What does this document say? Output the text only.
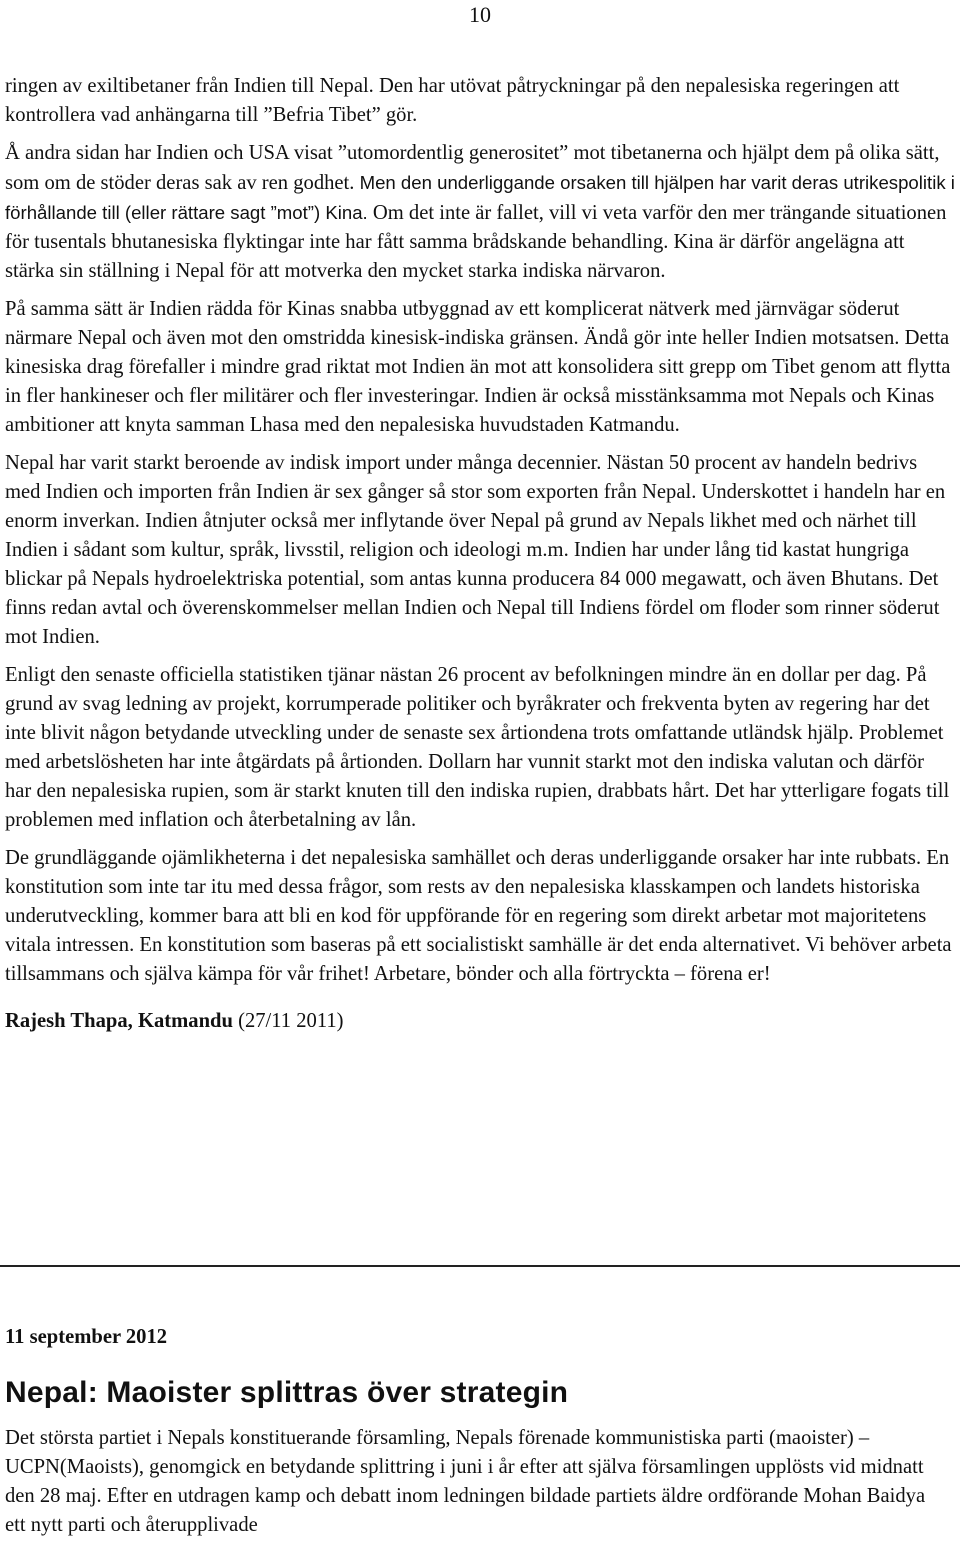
10

ringen av exiltibetaner från Indien till Nepal. Den har utövat påtryckningar på den nepalesiska regeringen att kontrollera vad anhängarna till ”Befria Tibet” gör.

Å andra sidan har Indien och USA visat ”utomordentlig generositet” mot tibetanerna och hjälpt dem på olika sätt, som om de stöder deras sak av ren godhet. Men den underliggande orsaken till hjälpen har varit deras utrikespolitik i förhållande till (eller rättare sagt ”mot”) Kina. Om det inte är fallet, vill vi veta varför den mer trängande situationen för tusentals bhutanesiska flyktingar inte har fått samma brådskande behandling. Kina är därför angelägna att stärka sin ställning i Nepal för att motverka den mycket starka indiska närvaron.

På samma sätt är Indien rädda för Kinas snabba utbyggnad av ett komplicerat nätverk med järnvägar söderut närmare Nepal och även mot den omstridda kinesisk-indiska gränsen. Ändå gör inte heller Indien motsatsen. Detta kinesiska drag förefaller i mindre grad riktat mot Indien än mot att konsolidera sitt grepp om Tibet genom att flytta in fler hankineser och fler militärer och fler investeringar. Indien är också misstänksamma mot Nepals och Kinas ambitioner att knyta samman Lhasa med den nepalesiska huvudstaden Katmandu.

Nepal har varit starkt beroende av indisk import under många decennier. Nästan 50 procent av handeln bedrivs med Indien och importen från Indien är sex gånger så stor som exporten från Nepal. Underskottet i handeln har en enorm inverkan. Indien åtnjuter också mer inflytande över Nepal på grund av Nepals likhet med och närhet till Indien i sådant som kultur, språk, livsstil, religion och ideologi m.m. Indien har under lång tid kastat hungriga blickar på Nepals hydroelektriska potential, som antas kunna producera 84 000 megawatt, och även Bhutans. Det finns redan avtal och överenskommelser mellan Indien och Nepal till Indiens fördel om floder som rinner söderut mot Indien.

Enligt den senaste officiella statistiken tjänar nästan 26 procent av befolkningen mindre än en dollar per dag. På grund av svag ledning av projekt, korrumperade politiker och byråkrater och frekventa byten av regering har det inte blivit någon betydande utveckling under de senaste sex årtiondena trots omfattande utländsk hjälp. Problemet med arbetslösheten har inte åtgärdats på årtionden. Dollarn har vunnit starkt mot den indiska valutan och därför har den nepalesiska rupien, som är starkt knuten till den indiska rupien, drabbats hårt. Det har ytterligare fogats till problemen med inflation och återbetalning av lån.

De grundläggande ojämlikheterna i det nepalesiska samhället och deras underliggande orsaker har inte rubbats. En konstitution som inte tar itu med dessa frågor, som rests av den nepalesiska klasskampen och landets historiska underutveckling, kommer bara att bli en kod för uppförande för en regering som direkt arbetar mot majoritetens vitala intressen. En konstitution som baseras på ett socialistiskt samhälle är det enda alternativet. Vi behöver arbeta tillsammans och själva kämpa för vår frihet! Arbetare, bönder och alla förtryckta – förena er!

Rajesh Thapa, Katmandu (27/11 2011)

11 september 2012
Nepal: Maoister splittras över strategin

Det största partiet i Nepals konstituerande församling, Nepals förenade kommunistiska parti (maoister) – UCPN(Maoists), genomgick en betydande splittring i juni i år efter att själva församlingen upplösts vid midnatt den 28 maj. Efter en utdragen kamp och debatt inom ledningen bildade partiets äldre ordförande Mohan Baidya ett nytt parti och återupplivade
